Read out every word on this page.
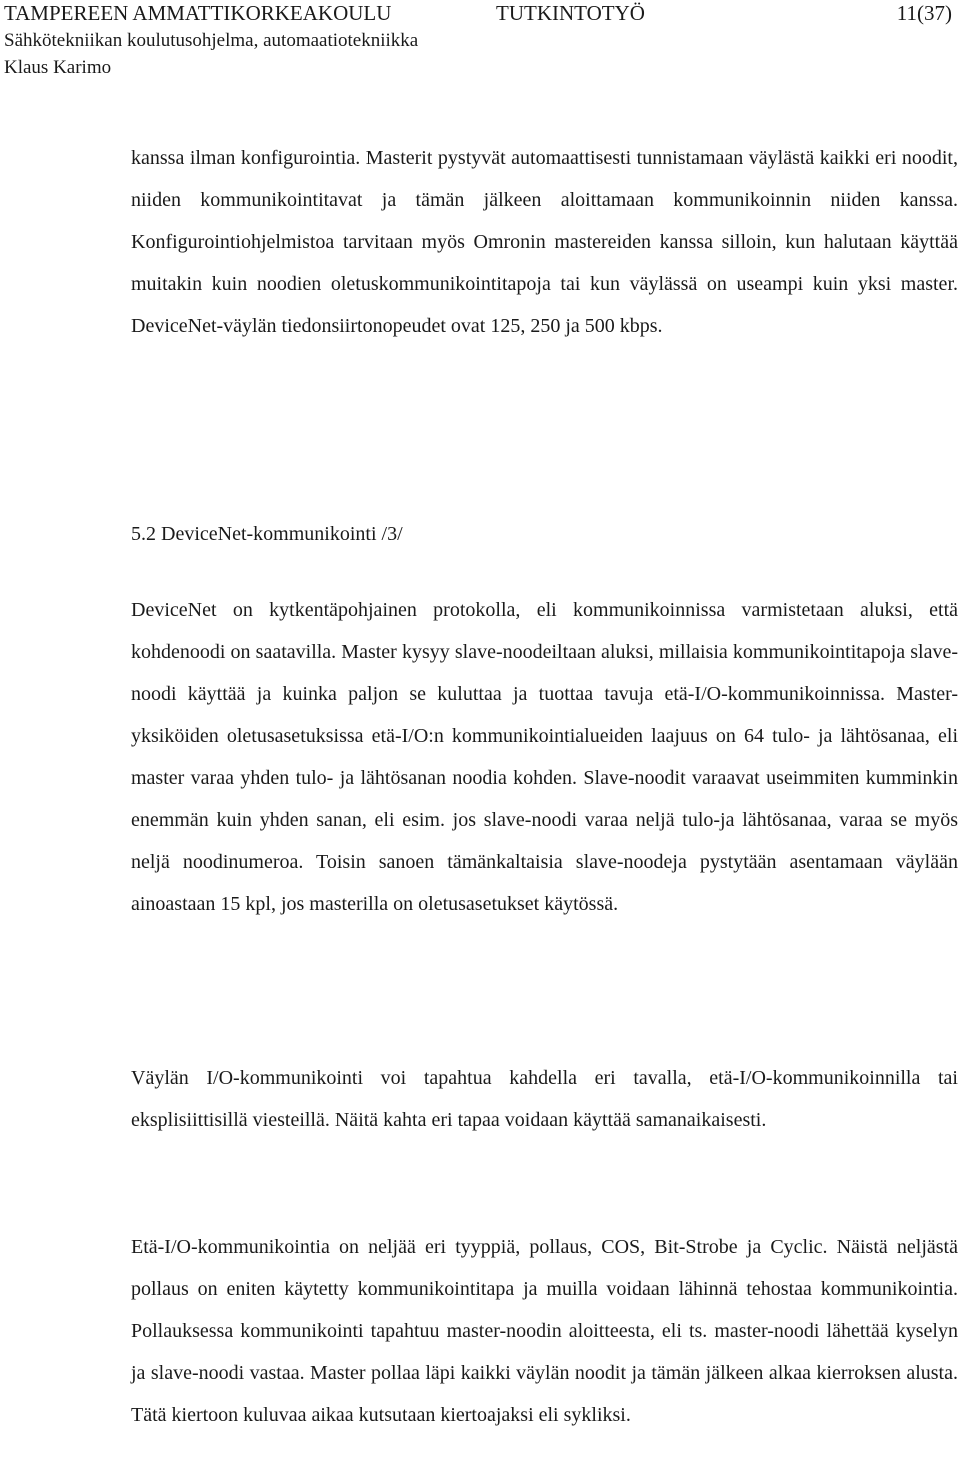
TAMPEREEN AMMATTIKORKEAKOULU	TUTKINTOTYÖ	11(37)
Sähkötekniikan koulutusohjelma, automaatiotekniikka
Klaus Karimo

kanssa ilman konfigurointia. Masterit pystyvät automaattisesti tunnistamaan väylästä kaikki eri noodit, niiden kommunikointitavat ja tämän jälkeen aloittamaan kommunikoinnin niiden kanssa. Konfigurointiohjelmistoa tarvitaan myös Omronin mastereiden kanssa silloin, kun halutaan käyttää muitakin kuin noodien oletuskommunikointitapoja tai kun väylässä on useampi kuin yksi master. DeviceNet-väylän tiedonsiirtonopeudet ovat 125, 250 ja 500 kbps.

5.2 DeviceNet-kommunikointi /3/

DeviceNet on kytkentäpohjainen protokolla, eli kommunikoinnissa varmistetaan aluksi, että kohdenoodi on saatavilla. Master kysyy slave-noodeiltaan aluksi, millaisia kommunikointitapoja slave-noodi käyttää ja kuinka paljon se kuluttaa ja tuottaa tavuja etä-I/O-kommunikoinnissa. Master-yksiköiden oletusasetuksissa etä-I/O:n kommunikointialueiden laajuus on 64 tulo- ja lähtösanaa, eli master varaa yhden tulo- ja lähtösanan noodia kohden. Slave-noodit varaavat useimmiten kumminkin enemmän kuin yhden sanan, eli esim. jos slave-noodi varaa neljä tulo-ja lähtösanaa, varaa se myös neljä noodinumeroa. Toisin sanoen tämänkaltaisia slave-noodeja pystytään asentamaan väylään ainoastaan 15 kpl, jos masterilla on oletusasetukset käytössä.

Väylän I/O-kommunikointi voi tapahtua kahdella eri tavalla, etä-I/O-kommunikoinnilla tai eksplisiittisillä viesteillä. Näitä kahta eri tapaa voidaan käyttää samanaikaisesti.

Etä-I/O-kommunikointia on neljää eri tyyppiä, pollaus, COS, Bit-Strobe ja Cyclic. Näistä neljästä pollaus on eniten käytetty kommunikointitapa ja muilla voidaan lähinnä tehostaa kommunikointia. Pollauksessa kommunikointi tapahtuu master-noodin aloitteesta, eli ts. master-noodi lähettää kyselyn ja slave-noodi vastaa. Master pollaa läpi kaikki väylän noodit ja tämän jälkeen alkaa kierroksen alusta. Tätä kiertoon kuluvaa aikaa kutsutaan kiertoajaksi eli sykliksi.
